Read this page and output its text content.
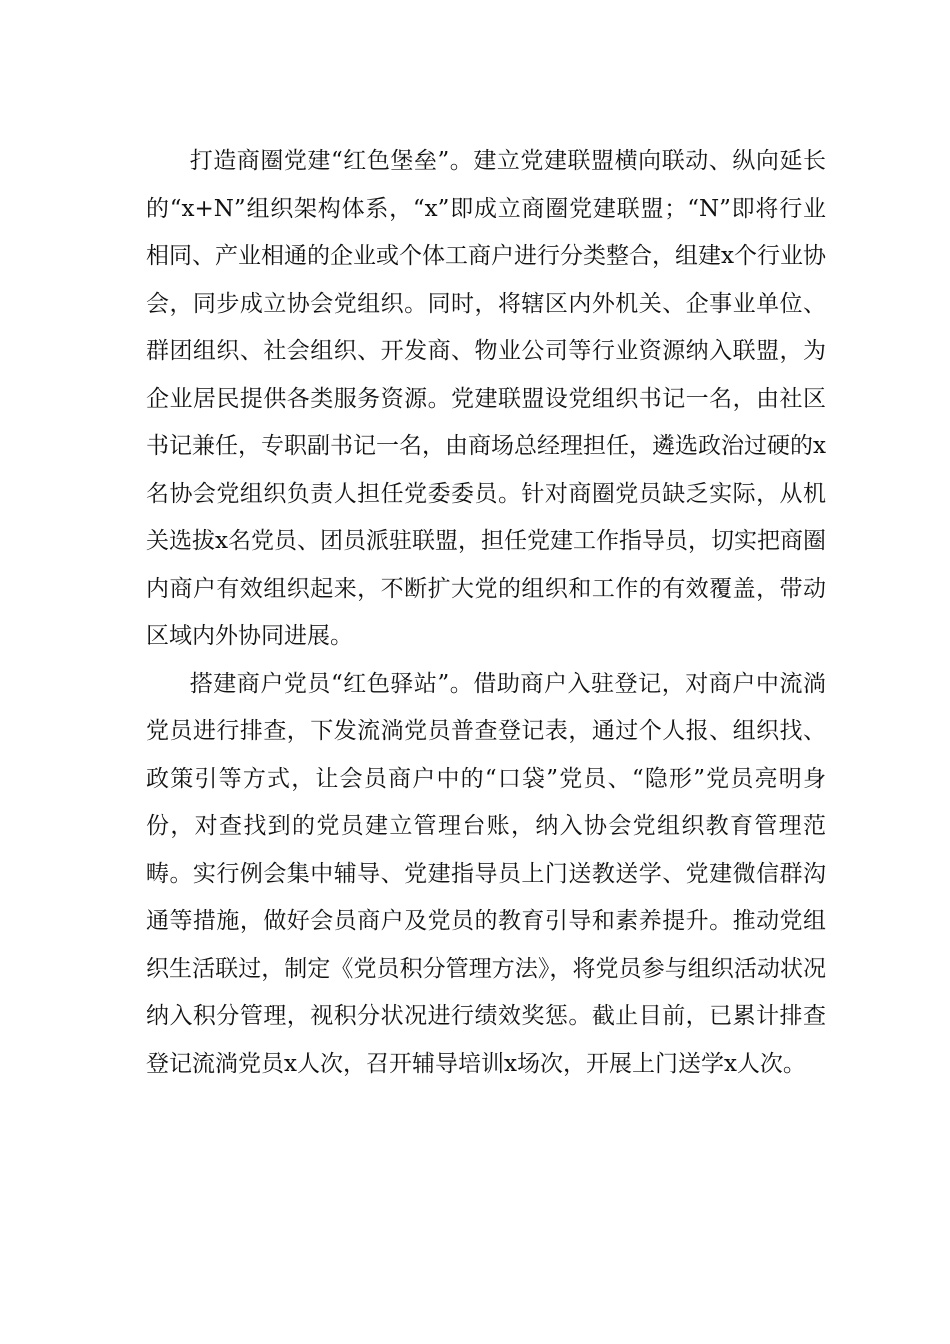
打造商圈党建“红色堡垒”。建立党建联盟横向联动、纵向延长的“x+N”组织架构体系，“x”即成立商圈党建联盟；“N”即将行业相同、产业相通的企业或个体工商户进行分类整合，组建x个行业协会，同步成立协会党组织。同时，将辖区内外机关、企事业单位、群团组织、社会组织、开发商、物业公司等行业资源纳入联盟，为企业居民提供各类服务资源。党建联盟设党组织书记一名，由社区书记兼任，专职副书记一名，由商场总经理担任，遴选政治过硬的x名协会党组织负责人担任党委委员。针对商圈党员缺乏实际，从机关选拔x名党员、团员派驻联盟，担任党建工作指导员，切实把商圈内商户有效组织起来，不断扩大党的组织和工作的有效覆盖，带动区域内外协同进展。

搭建商户党员“红色驿站”。借助商户入驻登记，对商户中流淌党员进行排查，下发流淌党员普查登记表，通过个人报、组织找、政策引等方式，让会员商户中的“口袋”党员、“隐形”党员亮明身份，对查找到的党员建立管理台账，纳入协会党组织教育管理范畴。实行例会集中辅导、党建指导员上门送教送学、党建微信群沟通等措施，做好会员商户及党员的教育引导和素养提升。推动党组织生活联过，制定《党员积分管理方法》，将党员参与组织活动状况纳入积分管理，视积分状况进行绩效奖惩。截止目前，已累计排查登记流淌党员x人次，召开辅导培训x场次，开展上门送学x人次。
